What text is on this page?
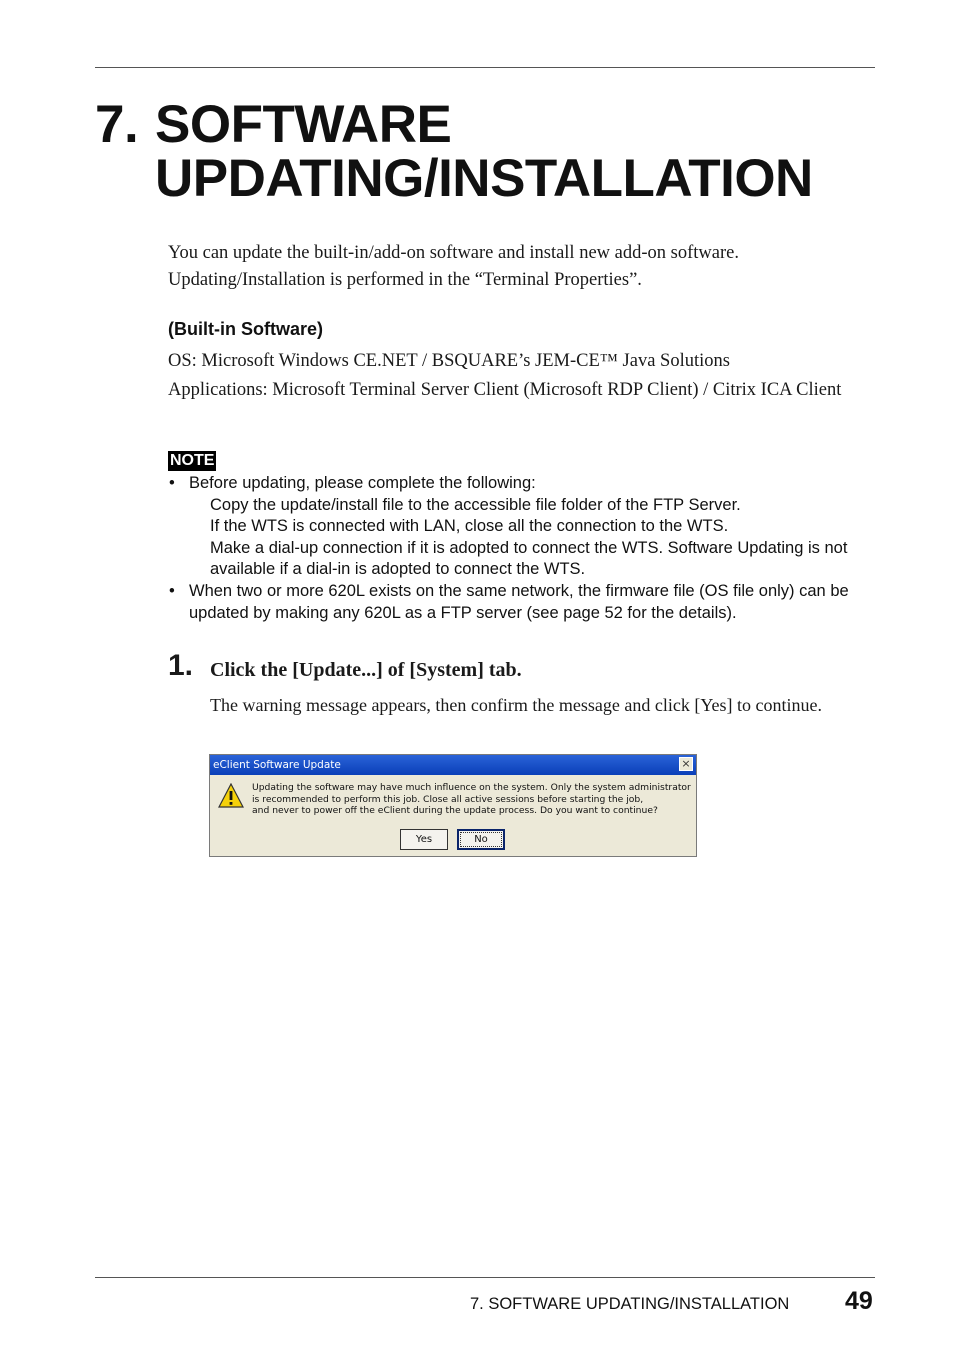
7. SOFTWARE
UPDATING/INSTALLATION

You can update the built-in/add-on software and install new add-on software.

Updating/Installation is performed in the “Terminal Properties”.

(Built-in Software)

OS: Microsoft Windows CE.NET / BSQUARE’s JEM-CE™ Java Solutions

Applications: Microsoft Terminal Server Client (Microsoft RDP Client) / Citrix ICA Client

NOTE
• Before updating, please complete the following:
Copy the update/install file to the accessible file folder of the FTP Server.
If the WTS is connected with LAN, close all the connection to the WTS.
Make a dial-up connection if it is adopted to connect the WTS. Software Updating is not available if a dial-in is adopted to connect the WTS.
• When two or more 620L exists on the same network, the firmware file (OS file only) can be updated by making any 620L as a FTP server (see page 52 for the details).
1. Click the [Update...] of [System] tab.

The warning message appears, then confirm the message and click [Yes] to continue.

eClient Software Update	×

Updating the software may have much influence on the system. Only the system administrator
is recommended to perform this job. Close all active sessions before starting the job,
and never to power off the eClient during the update process. Do you want to continue?

Yes	No
7. SOFTWARE UPDATING/INSTALLATION 49
